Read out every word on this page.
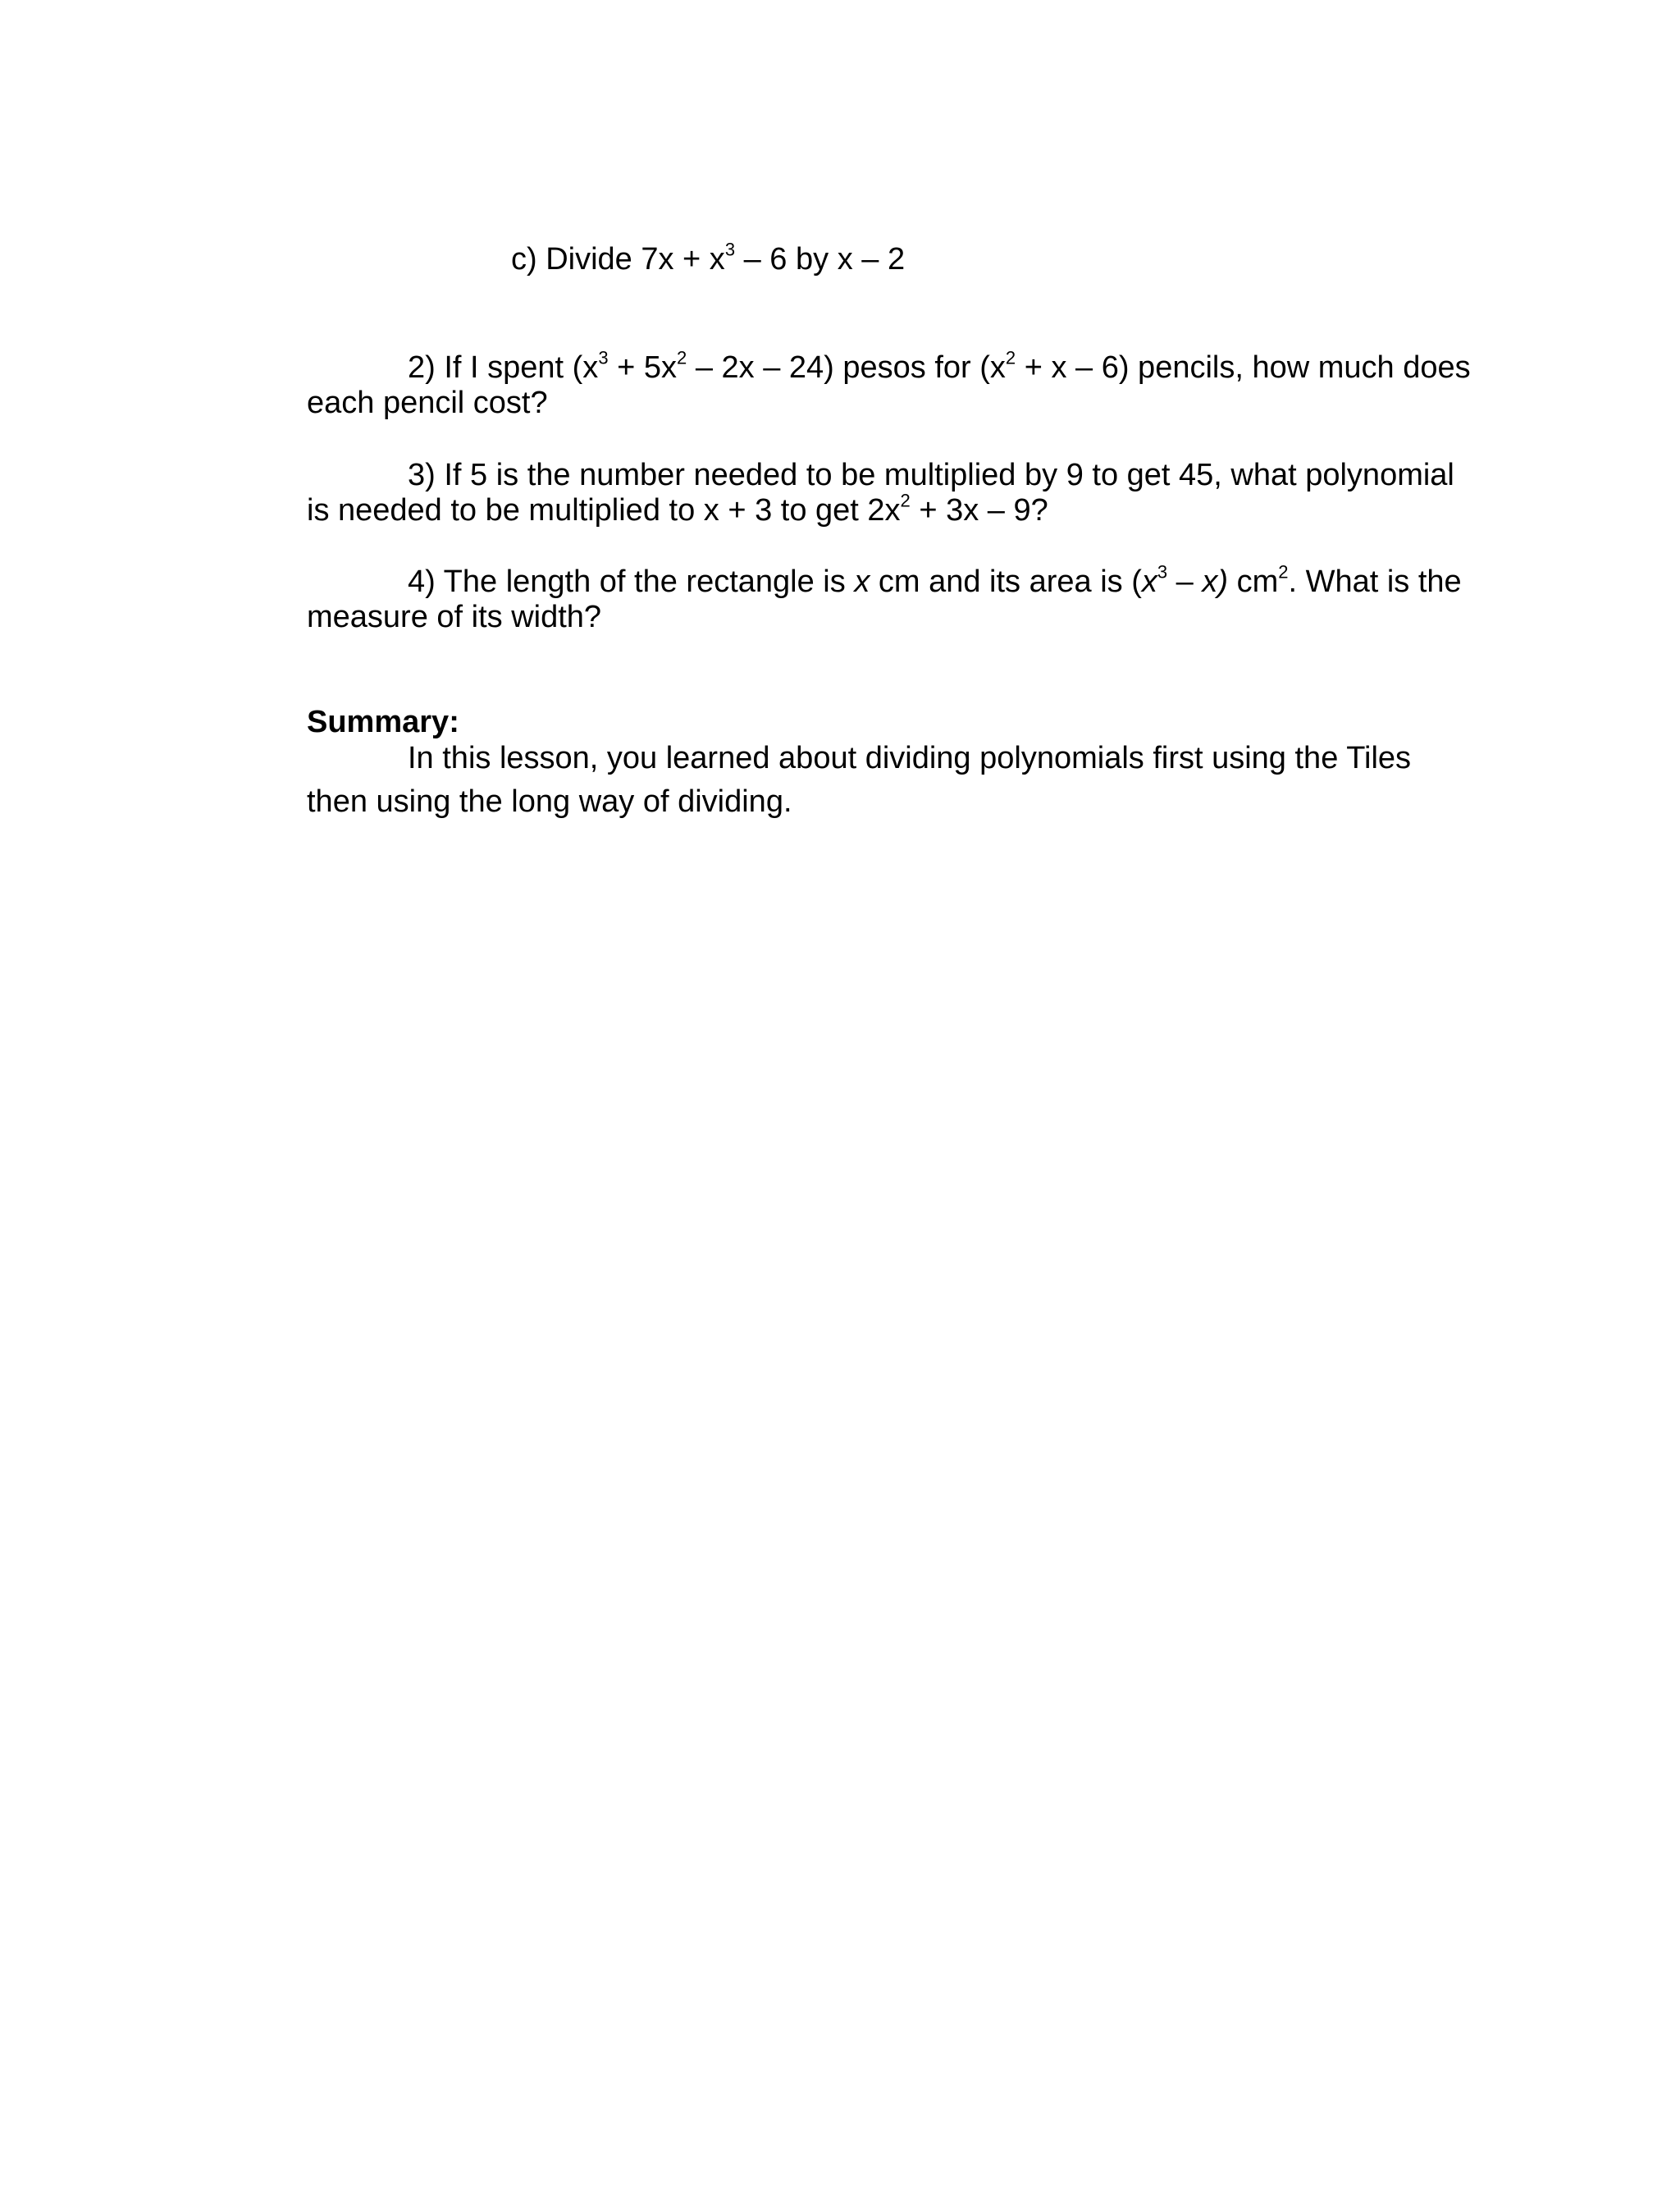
c) Divide $7x + x^3 - 6$ by x – 2
2) If I spent $(x^3 + 5x^2 - 2x - 24)$ pesos for $(x^2 + x - 6)$ pencils, how much does
each pencil cost?
3) If 5 is the number needed to be multiplied by 9 to get 45, what polynomial
is needed to be multiplied to x + 3 to get $2x^2 + 3x - 9$?
4) The length of the rectangle is x cm and its area is $(x^3 - x)$ $cm^2$. What is the
measure of its width?
Summary:
In this lesson, you learned about dividing polynomials first using the Tiles
then using the long way of dividing.
